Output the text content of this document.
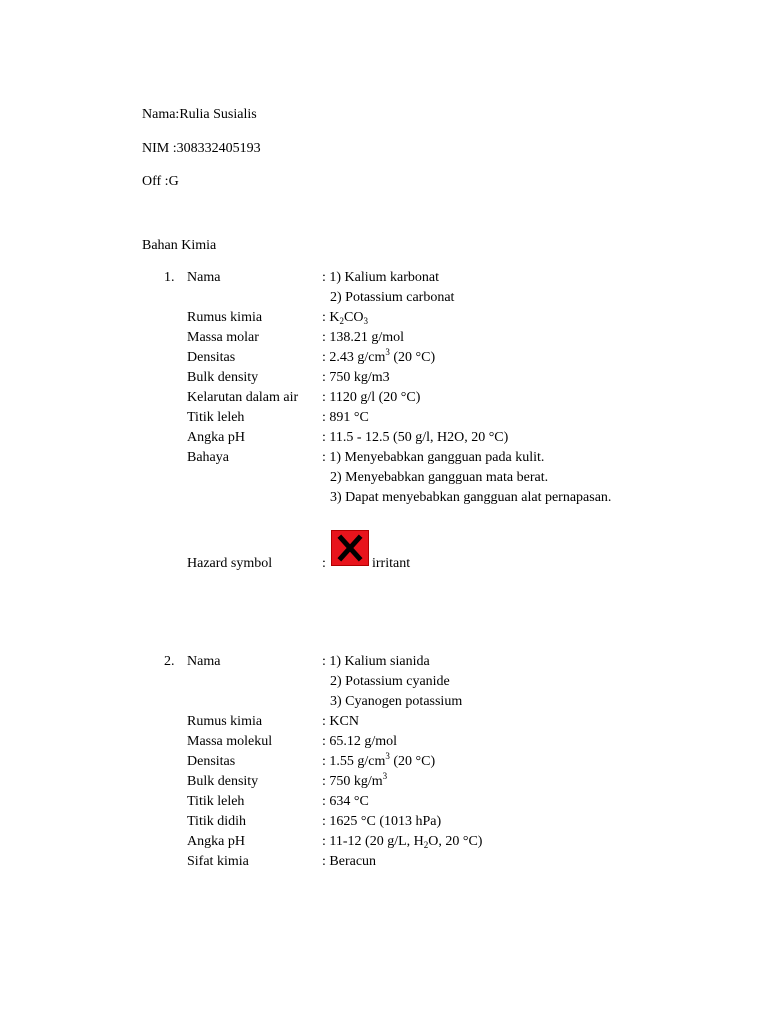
Nama:Rulia Susialis
NIM :308332405193
Off :G
Bahan Kimia
1. Nama	: 1) Kalium karbonat
2) Potassium carbonat
Rumus kimia	: $K_2CO_3$
Massa molar	: 138.21 g/mol
Densitas	: 2.43 $g/cm^3$ (20 °C)
Bulk density	: 750 kg/m3
Kelarutan dalam air : 1120 g/l (20 °C)
Titik leleh	: 891 °C
Angka pH	: 11.5 - 12.5 (50 g/l, H2O, 20 °C)
Bahaya	: 1) Menyebabkan gangguan pada kulit.
2) Menyebabkan gangguan mata berat.
3) Dapat menyebabkan gangguan alat pernapasan.
Hazard symbol	:	irritant
2. Nama	: 1) Kalium sianida
2) Potassium cyanide
3) Cyanogen potassium
Rumus kimia	: KCN
Massa molekul	: 65.12 g/mol
Densitas	: 1.55 $g/cm^3$ (20 °C)
Bulk density	: 750 $kg/m^3$
Titik leleh	: 634 °C
Titik didih	: 1625 °C (1013 hPa)
Angka pH	: 11-12 (20 g/L, $H_2O$, 20 °C)
Sifat kimia	: Beracun
